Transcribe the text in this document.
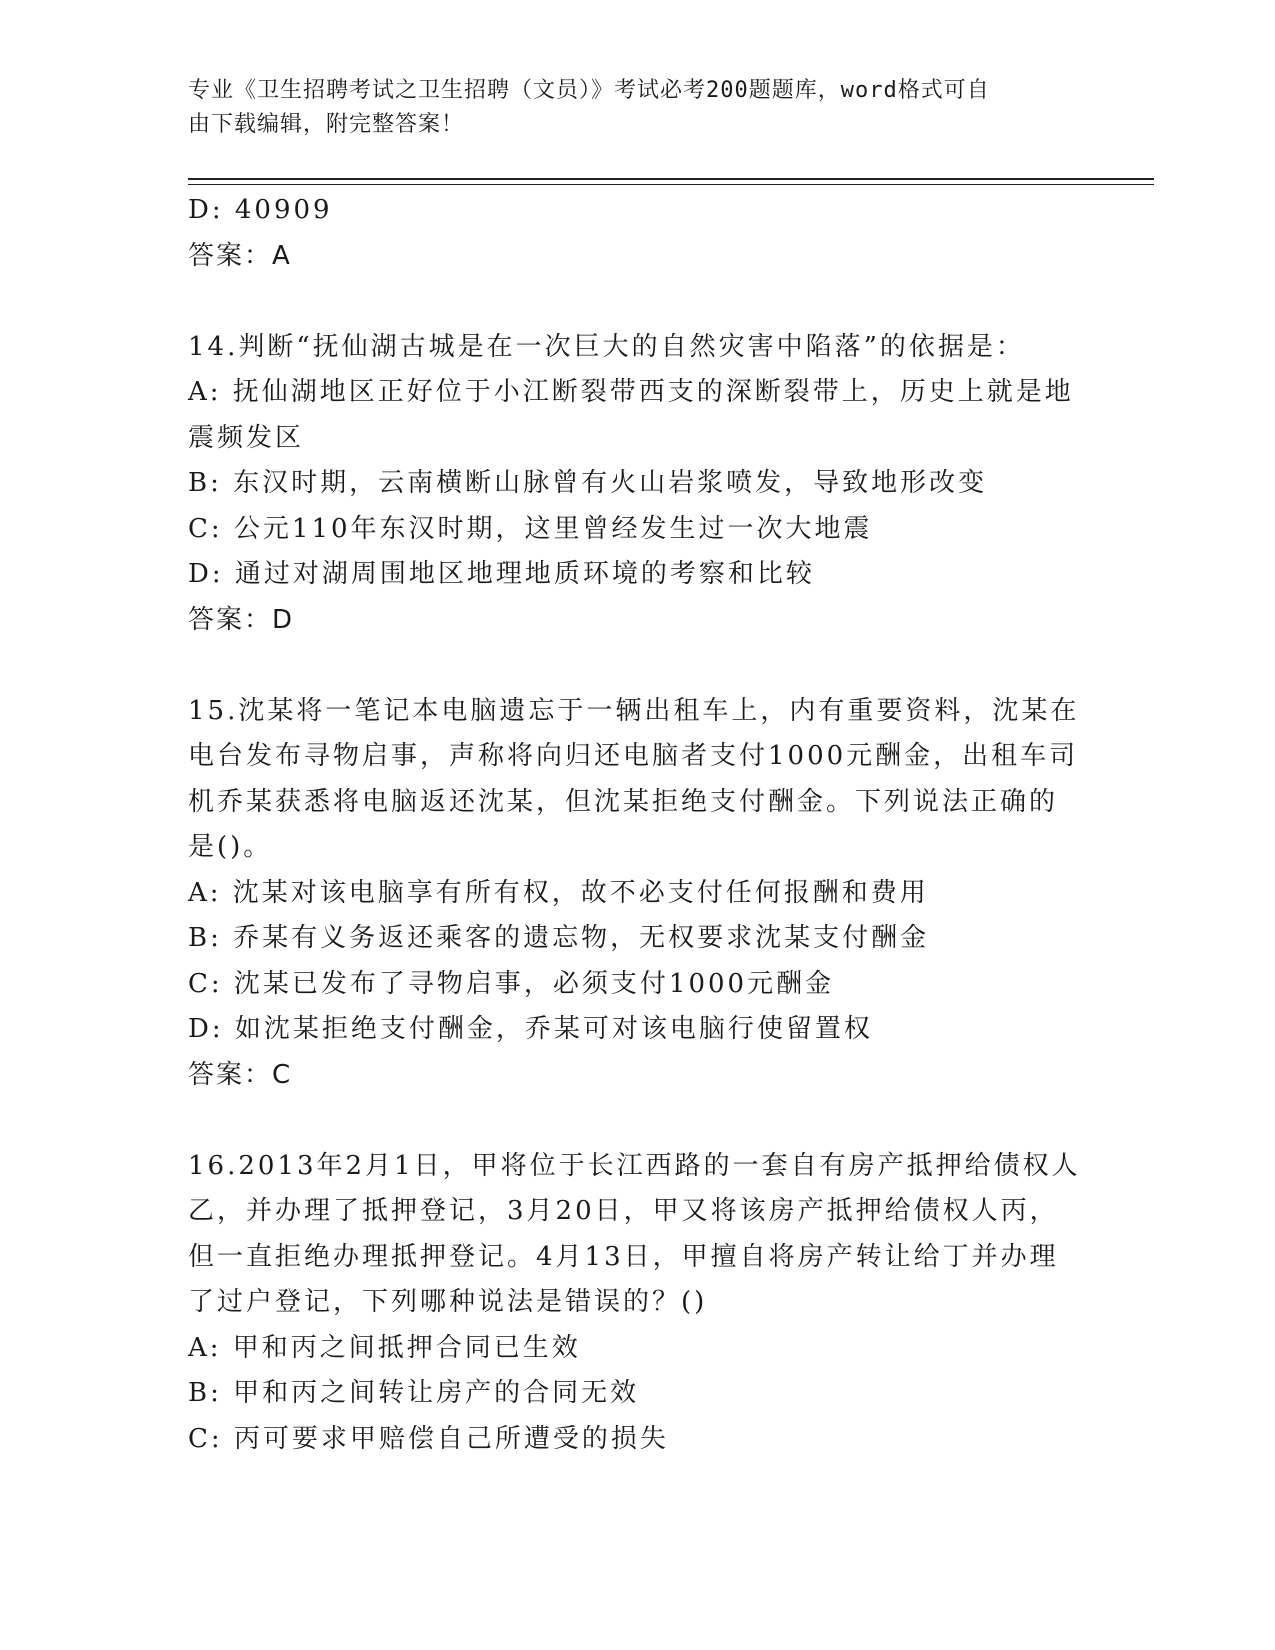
专业《卫生招聘考试之卫生招聘（文员）》考试必考200题题库，word格式可自
由下载编辑，附完整答案！

D: 40909

答案：A

14.判断“抚仙湖古城是在一次巨大的自然灾害中陷落”的依据是：

A: 抚仙湖地区正好位于小江断裂带西支的深断裂带上，历史上就是地

震频发区

B: 东汉时期，云南横断山脉曾有火山岩浆喷发，导致地形改变

C: 公元110年东汉时期，这里曾经发生过一次大地震

D: 通过对湖周围地区地理地质环境的考察和比较

答案：D

15.沈某将一笔记本电脑遗忘于一辆出租车上，内有重要资料，沈某在

电台发布寻物启事，声称将向归还电脑者支付1000元酬金，出租车司

机乔某获悉将电脑返还沈某，但沈某拒绝支付酬金。下列说法正确的

是()。

A: 沈某对该电脑享有所有权，故不必支付任何报酬和费用

B: 乔某有义务返还乘客的遗忘物，无权要求沈某支付酬金

C: 沈某已发布了寻物启事，必须支付1000元酬金

D: 如沈某拒绝支付酬金，乔某可对该电脑行使留置权

答案：C

16.2013年2月1日，甲将位于长江西路的一套自有房产抵押给债权人

乙，并办理了抵押登记，3月20日，甲又将该房产抵押给债权人丙，

但一直拒绝办理抵押登记。4月13日，甲擅自将房产转让给丁并办理

了过户登记，下列哪种说法是错误的？()

A: 甲和丙之间抵押合同已生效

B: 甲和丙之间转让房产的合同无效

C: 丙可要求甲赔偿自己所遭受的损失
